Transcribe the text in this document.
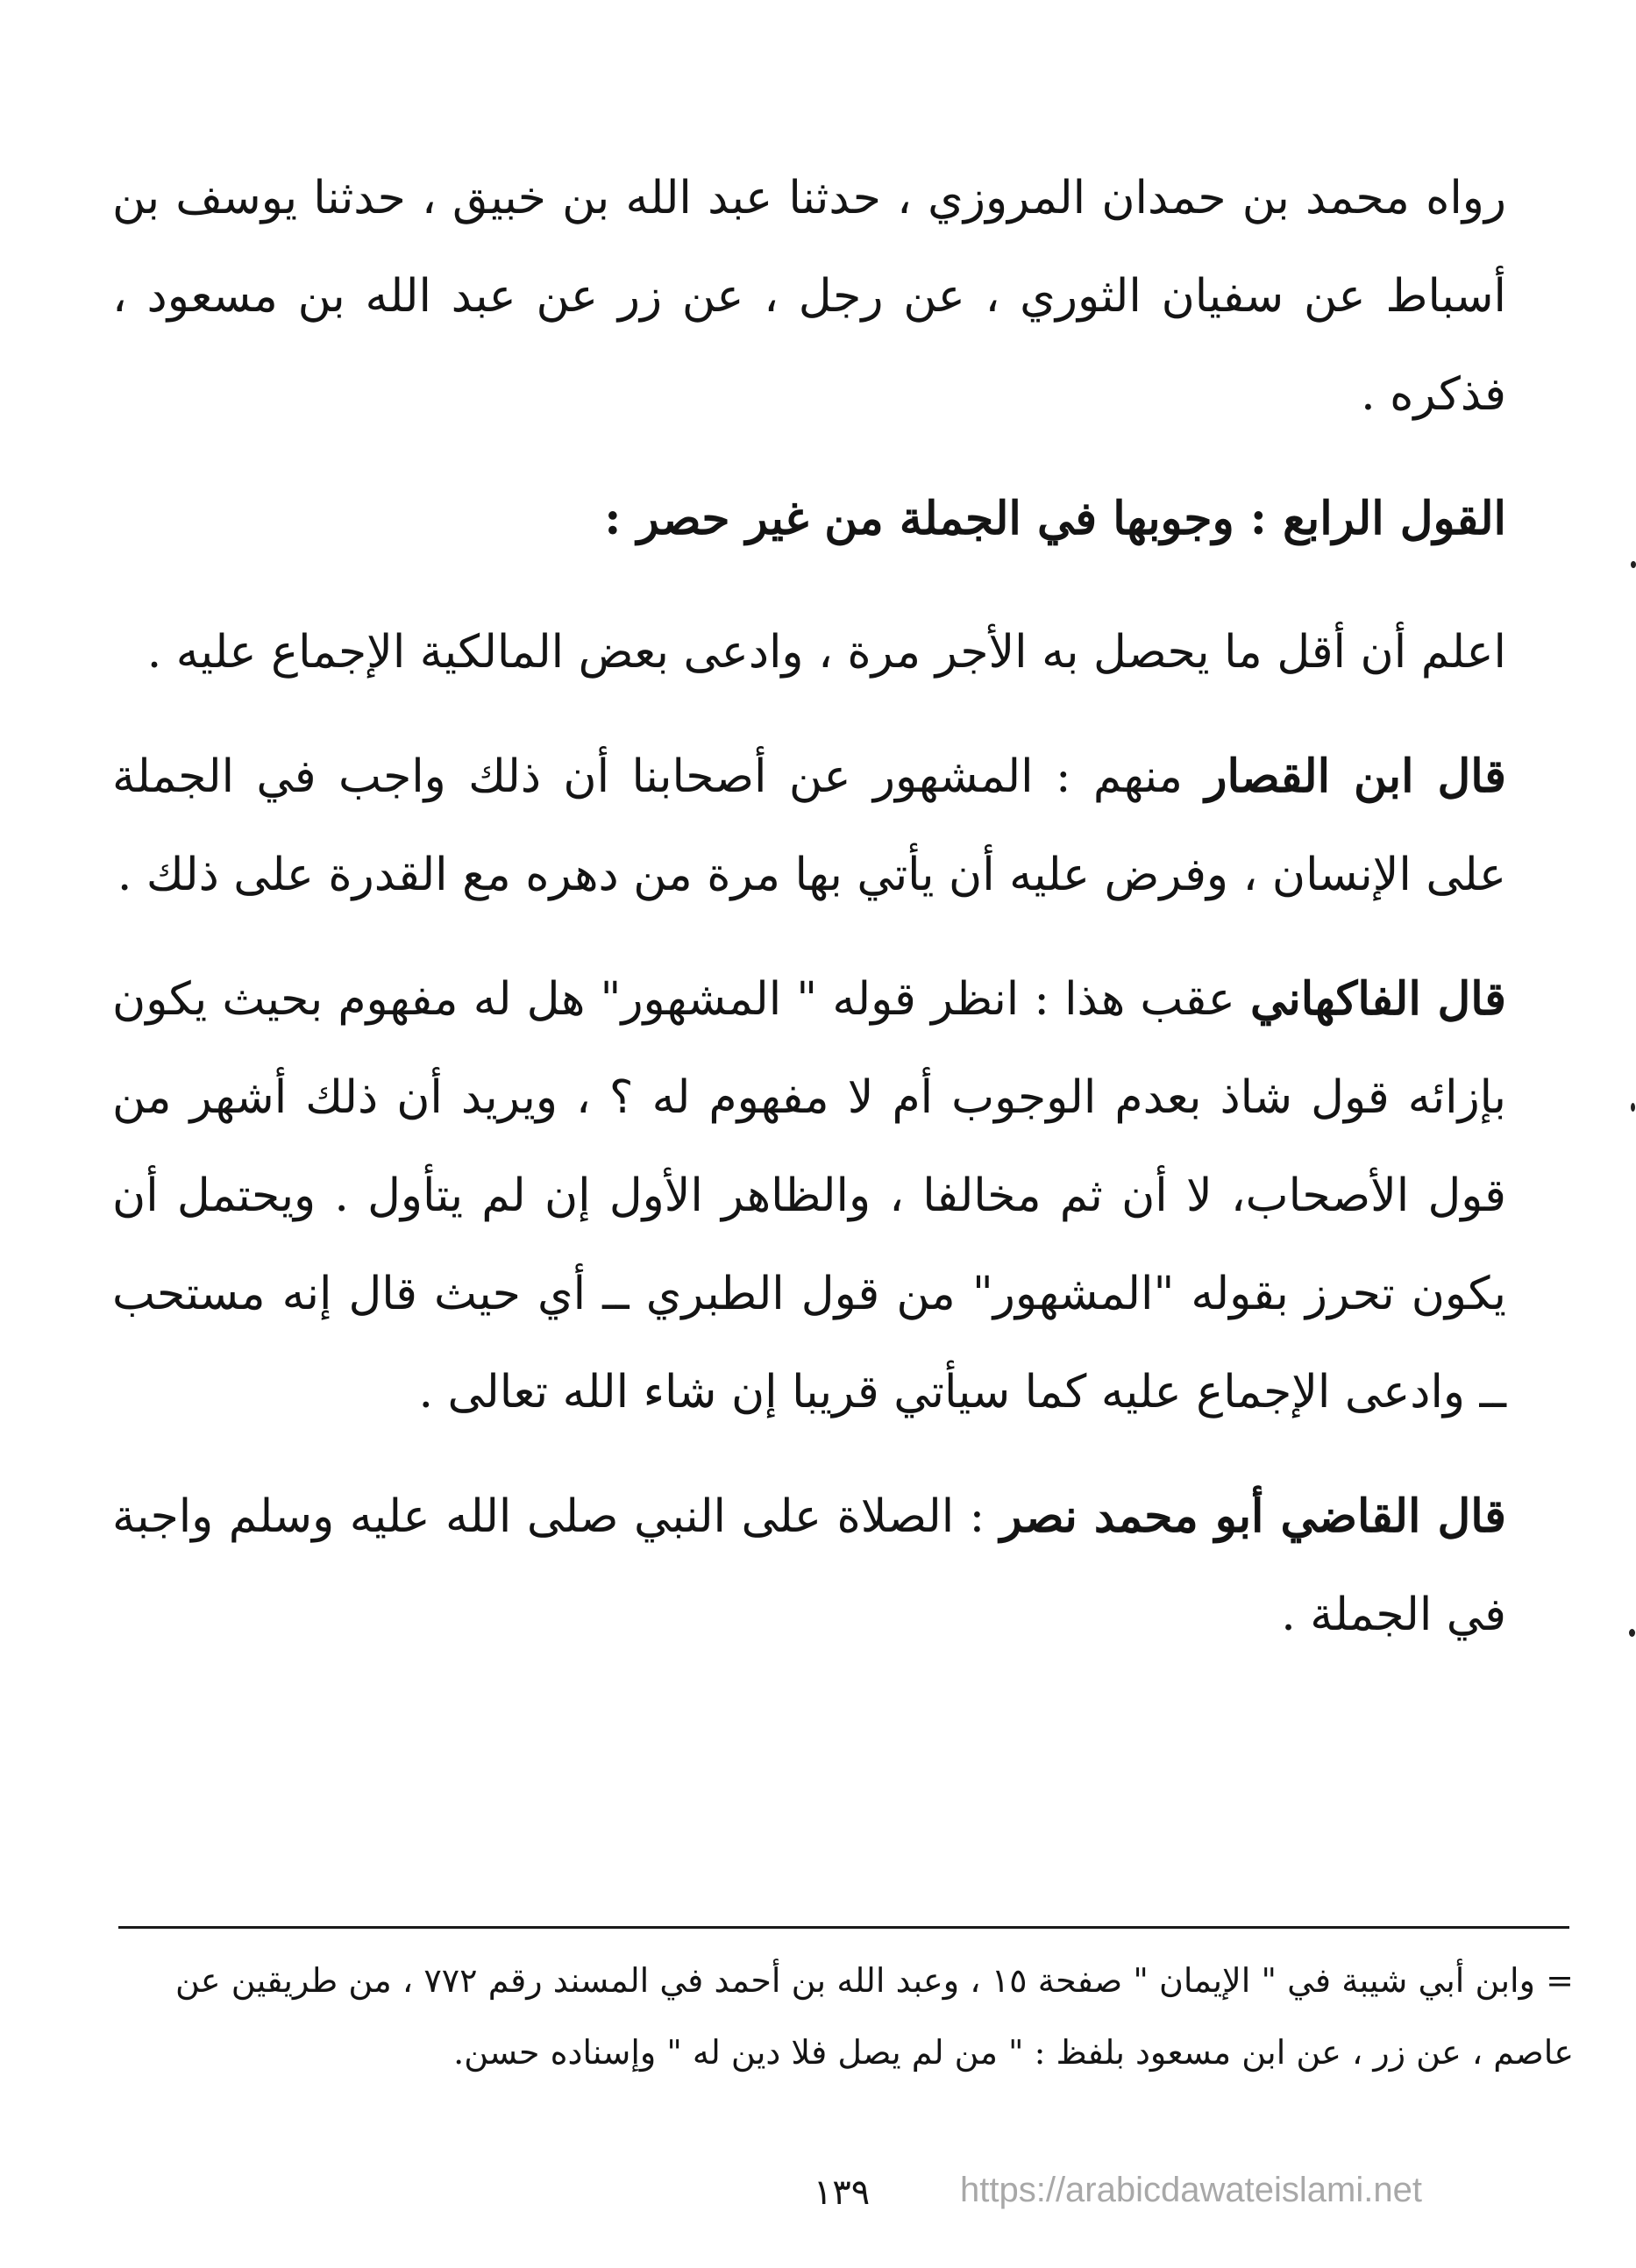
رواه محمد بن حمدان المروزي ، حدثنا عبد الله بن خبيق ، حدثنا يوسف بن أسباط عن سفيان الثوري ، عن رجل ، عن زر عن عبد الله بن مسعود ، فذكره .

القول الرابع : وجوبها في الجملة من غير حصر :

اعلم أن أقل ما يحصل به الأجر مرة ، وادعى بعض المالكية الإجماع عليه .

قال ابن القصار منهم : المشهور عن أصحابنا أن ذلك واجب في الجملة على الإنسان ، وفرض عليه أن يأتي بها مرة من دهره مع القدرة على ذلك .

قال الفاكهاني عقب هذا : انظر قوله " المشهور" هل له مفهوم بحيث يكون بإزائه قول شاذ بعدم الوجوب أم لا مفهوم له ؟ ، ويريد أن ذلك أشهر من قول الأصحاب، لا أن ثم مخالفا ، والظاهر الأول إن لم يتأول . ويحتمل أن يكون تحرز بقوله "المشهور" من قول الطبري ــ أي حيث قال إنه مستحب ــ وادعى الإجماع عليه كما سيأتي قريبا إن شاء الله تعالى .

قال القاضي أبو محمد نصر : الصلاة على النبي صلى الله عليه وسلم واجبة في الجملة .

= وابن أبي شيبة في " الإيمان " صفحة ١٥ ، وعبد الله بن أحمد في المسند رقم ٧٧٢ ، من طريقين عن عاصم ، عن زر ، عن ابن مسعود بلفظ : " من لم يصل فلا دين له " وإسناده حسن.

١٣٩	https://arabicdawateislami.net
